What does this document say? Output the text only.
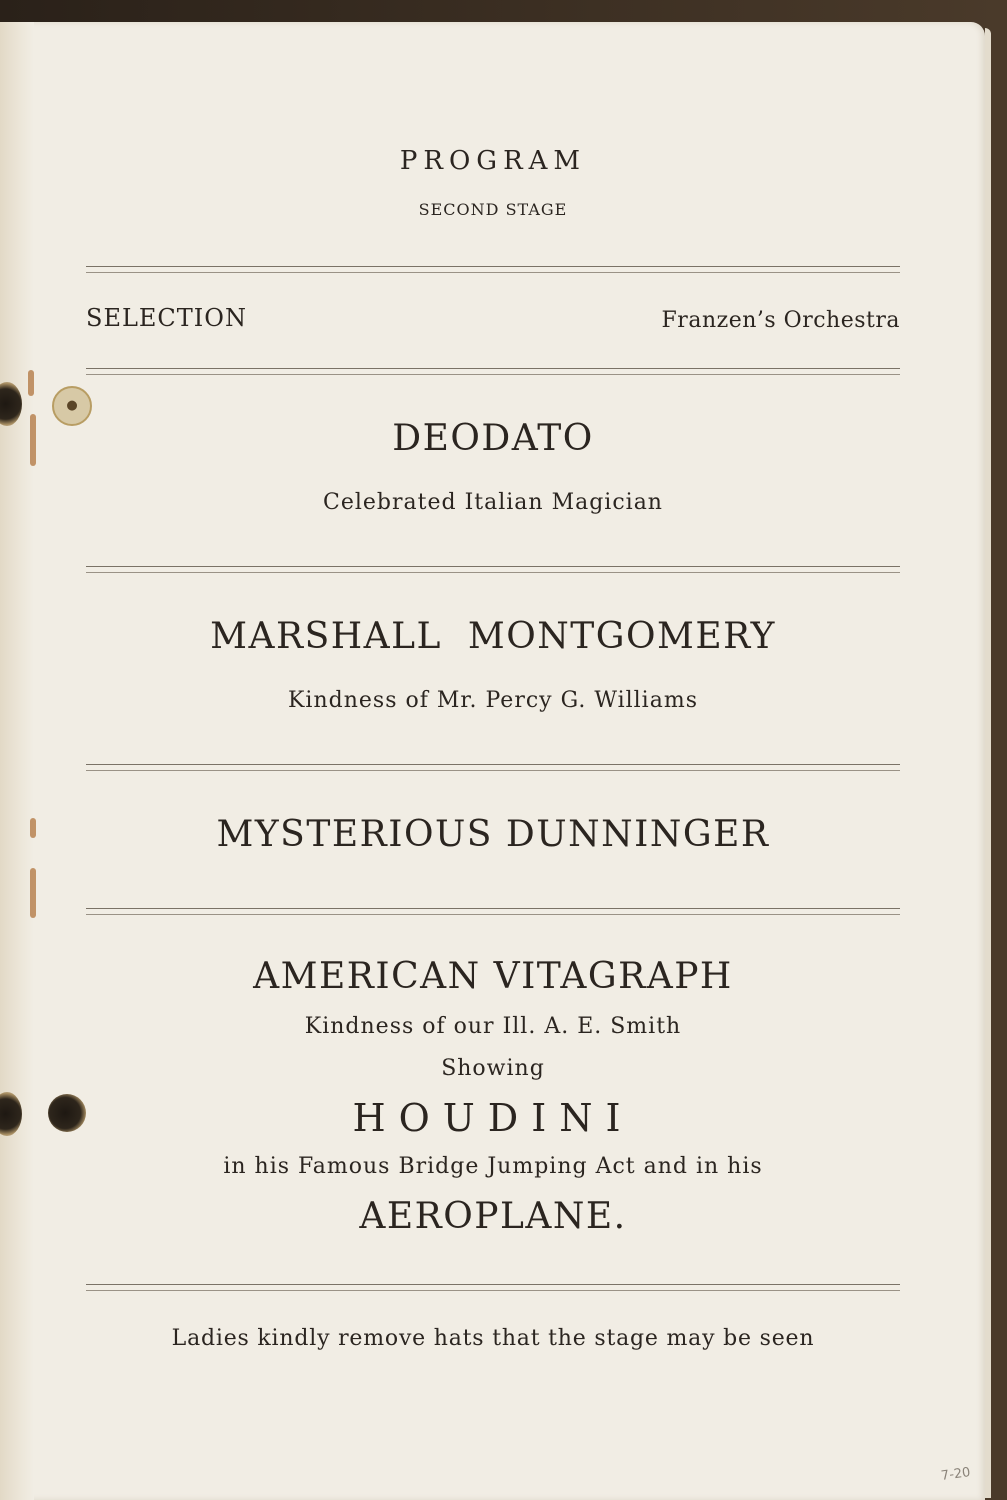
●
PROGRAM
SECOND STAGE
SELECTION	Franzen’s Orchestra
DEODATO
Celebrated Italian Magician
MARSHALL  MONTGOMERY
Kindness of Mr. Percy G. Williams
MYSTERIOUS DUNNINGER
AMERICAN VITAGRAPH
Kindness of our Ill. A. E. Smith
Showing
HOUDINI
in his Famous Bridge Jumping Act and in his
AEROPLANE.
Ladies kindly remove hats that the stage may be seen
7-20
